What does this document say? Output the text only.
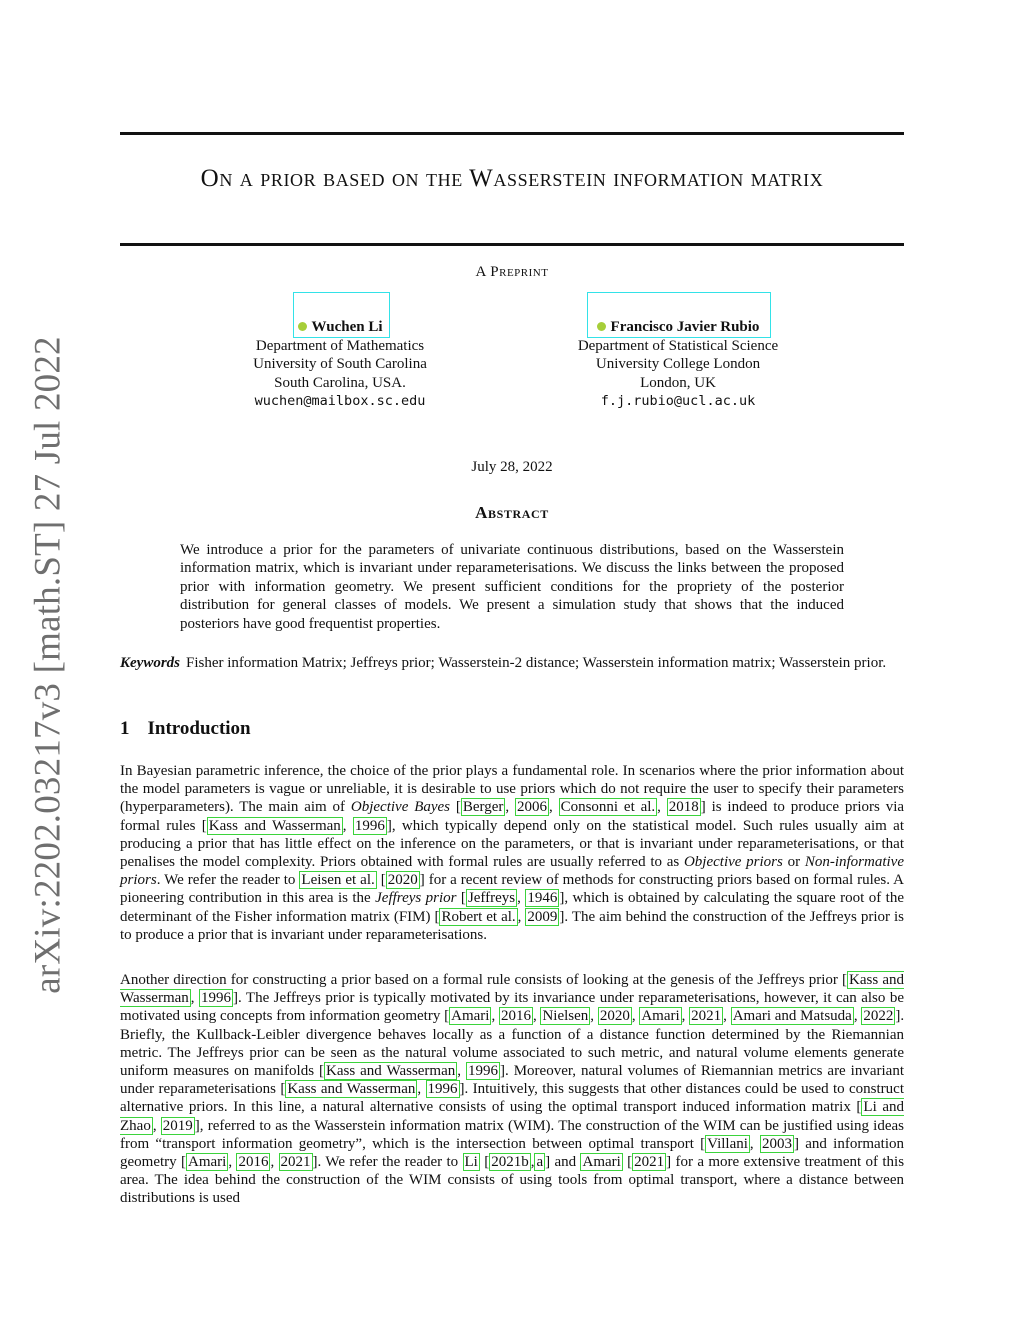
arXiv:2202.03217v3 [math.ST] 27 Jul 2022
On a prior based on the Wasserstein information matrix
A Preprint
Wuchen Li
Department of Mathematics
University of South Carolina
South Carolina, USA.
wuchen@mailbox.sc.edu
Francisco Javier Rubio
Department of Statistical Science
University College London
London, UK
f.j.rubio@ucl.ac.uk
July 28, 2022
Abstract
We introduce a prior for the parameters of univariate continuous distributions, based on the Wasserstein information matrix, which is invariant under reparameterisations. We discuss the links between the proposed prior with information geometry. We present sufficient conditions for the propriety of the posterior distribution for general classes of models. We present a simulation study that shows that the induced posteriors have good frequentist properties.
Keywords Fisher information Matrix; Jeffreys prior; Wasserstein-2 distance; Wasserstein information matrix; Wasserstein prior.
1 Introduction
In Bayesian parametric inference, the choice of the prior plays a fundamental role. In scenarios where the prior information about the model parameters is vague or unreliable, it is desirable to use priors which do not require the user to specify their parameters (hyperparameters). The main aim of Objective Bayes [ Berger , 2006 , Consonni et al. , 2018 ] is indeed to produce priors via formal rules [ Kass and Wasserman , 1996 ], which typically depend only on the statistical model. Such rules usually aim at producing a prior that has little effect on the inference on the parameters, or that is invariant under reparameterisations, or that penalises the model complexity. Priors obtained with formal rules are usually referred to as Objective priors or Non-informative priors. We refer the reader to Leisen et al. [ 2020 ] for a recent review of methods for constructing priors based on formal rules. A pioneering contribution in this area is the Jeffreys prior [ Jeffreys , 1946 ], which is obtained by calculating the square root of the determinant of the Fisher information matrix (FIM) [ Robert et al. , 2009 ]. The aim behind the construction of the Jeffreys prior is to produce a prior that is invariant under reparameterisations.
Another direction for constructing a prior based on a formal rule consists of looking at the genesis of the Jeffreys prior [ Kass and Wasserman , 1996 ]. The Jeffreys prior is typically motivated by its invariance under reparameterisations, however, it can also be motivated using concepts from information geometry [ Amari , 2016 , Nielsen , 2020 , Amari , 2021 , Amari and Matsuda , 2022 ]. Briefly, the Kullback-Leibler divergence behaves locally as a function of a distance function determined by the Riemannian metric. The Jeffreys prior can be seen as the natural volume associated to such metric, and natural volume elements generate uniform measures on manifolds [ Kass and Wasserman , 1996 ]. Moreover, natural volumes of Riemannian metrics are invariant under reparameterisations [ Kass and Wasserman , 1996 ]. Intuitively, this suggests that other distances could be used to construct alternative priors. In this line, a natural alternative consists of using the optimal transport induced information matrix [ Li and Zhao , 2019 ], referred to as the Wasserstein information matrix (WIM). The construction of the WIM can be justified using ideas from “transport information geometry”, which is the intersection between optimal transport [ Villani , 2003 ] and information geometry [ Amari , 2016 , 2021 ]. We refer the reader to Li [ 2021b , a ] and Amari [ 2021 ] for a more extensive treatment of this area. The idea behind the construction of the WIM consists of using tools from optimal transport, where a distance between distributions is used
